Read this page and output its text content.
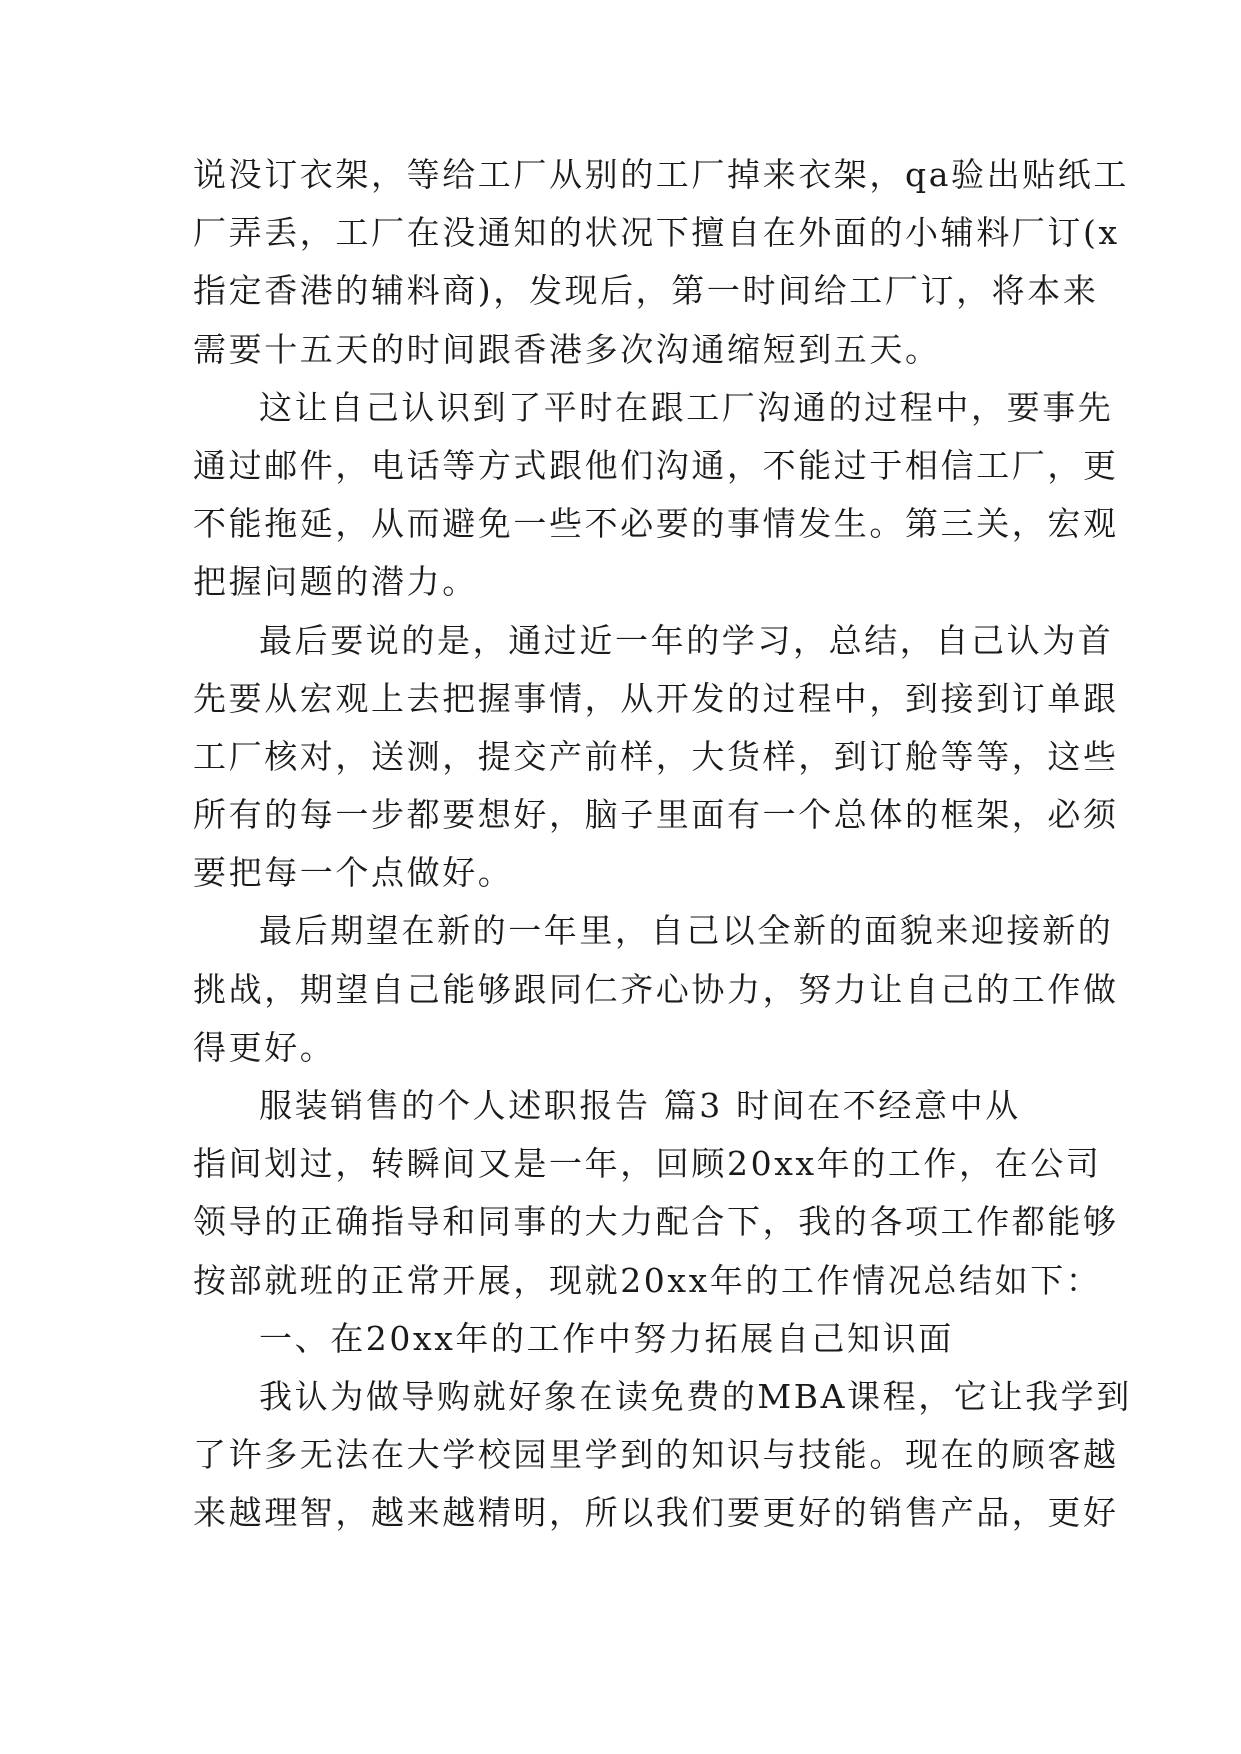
说没订衣架，等给工厂从别的工厂掉来衣架，qa验出贴纸工
厂弄丢，工厂在没通知的状况下擅自在外面的小辅料厂订(x
指定香港的辅料商)，发现后，第一时间给工厂订，将本来
需要十五天的时间跟香港多次沟通缩短到五天。
这让自己认识到了平时在跟工厂沟通的过程中，要事先
通过邮件，电话等方式跟他们沟通，不能过于相信工厂，更
不能拖延，从而避免一些不必要的事情发生。第三关，宏观
把握问题的潜力。
最后要说的是，通过近一年的学习，总结，自己认为首
先要从宏观上去把握事情，从开发的过程中，到接到订单跟
工厂核对，送测，提交产前样，大货样，到订舱等等，这些
所有的每一步都要想好，脑子里面有一个总体的框架，必须
要把每一个点做好。
最后期望在新的一年里，自己以全新的面貌来迎接新的
挑战，期望自己能够跟同仁齐心协力，努力让自己的工作做
得更好。
服装销售的个人述职报告 篇3 时间在不经意中从
指间划过，转瞬间又是一年，回顾20xx年的工作，在公司
领导的正确指导和同事的大力配合下，我的各项工作都能够
按部就班的正常开展，现就20xx年的工作情况总结如下：
一、在20xx年的工作中努力拓展自己知识面
我认为做导购就好象在读免费的MBA课程，它让我学到
了许多无法在大学校园里学到的知识与技能。现在的顾客越
来越理智，越来越精明，所以我们要更好的销售产品，更好
